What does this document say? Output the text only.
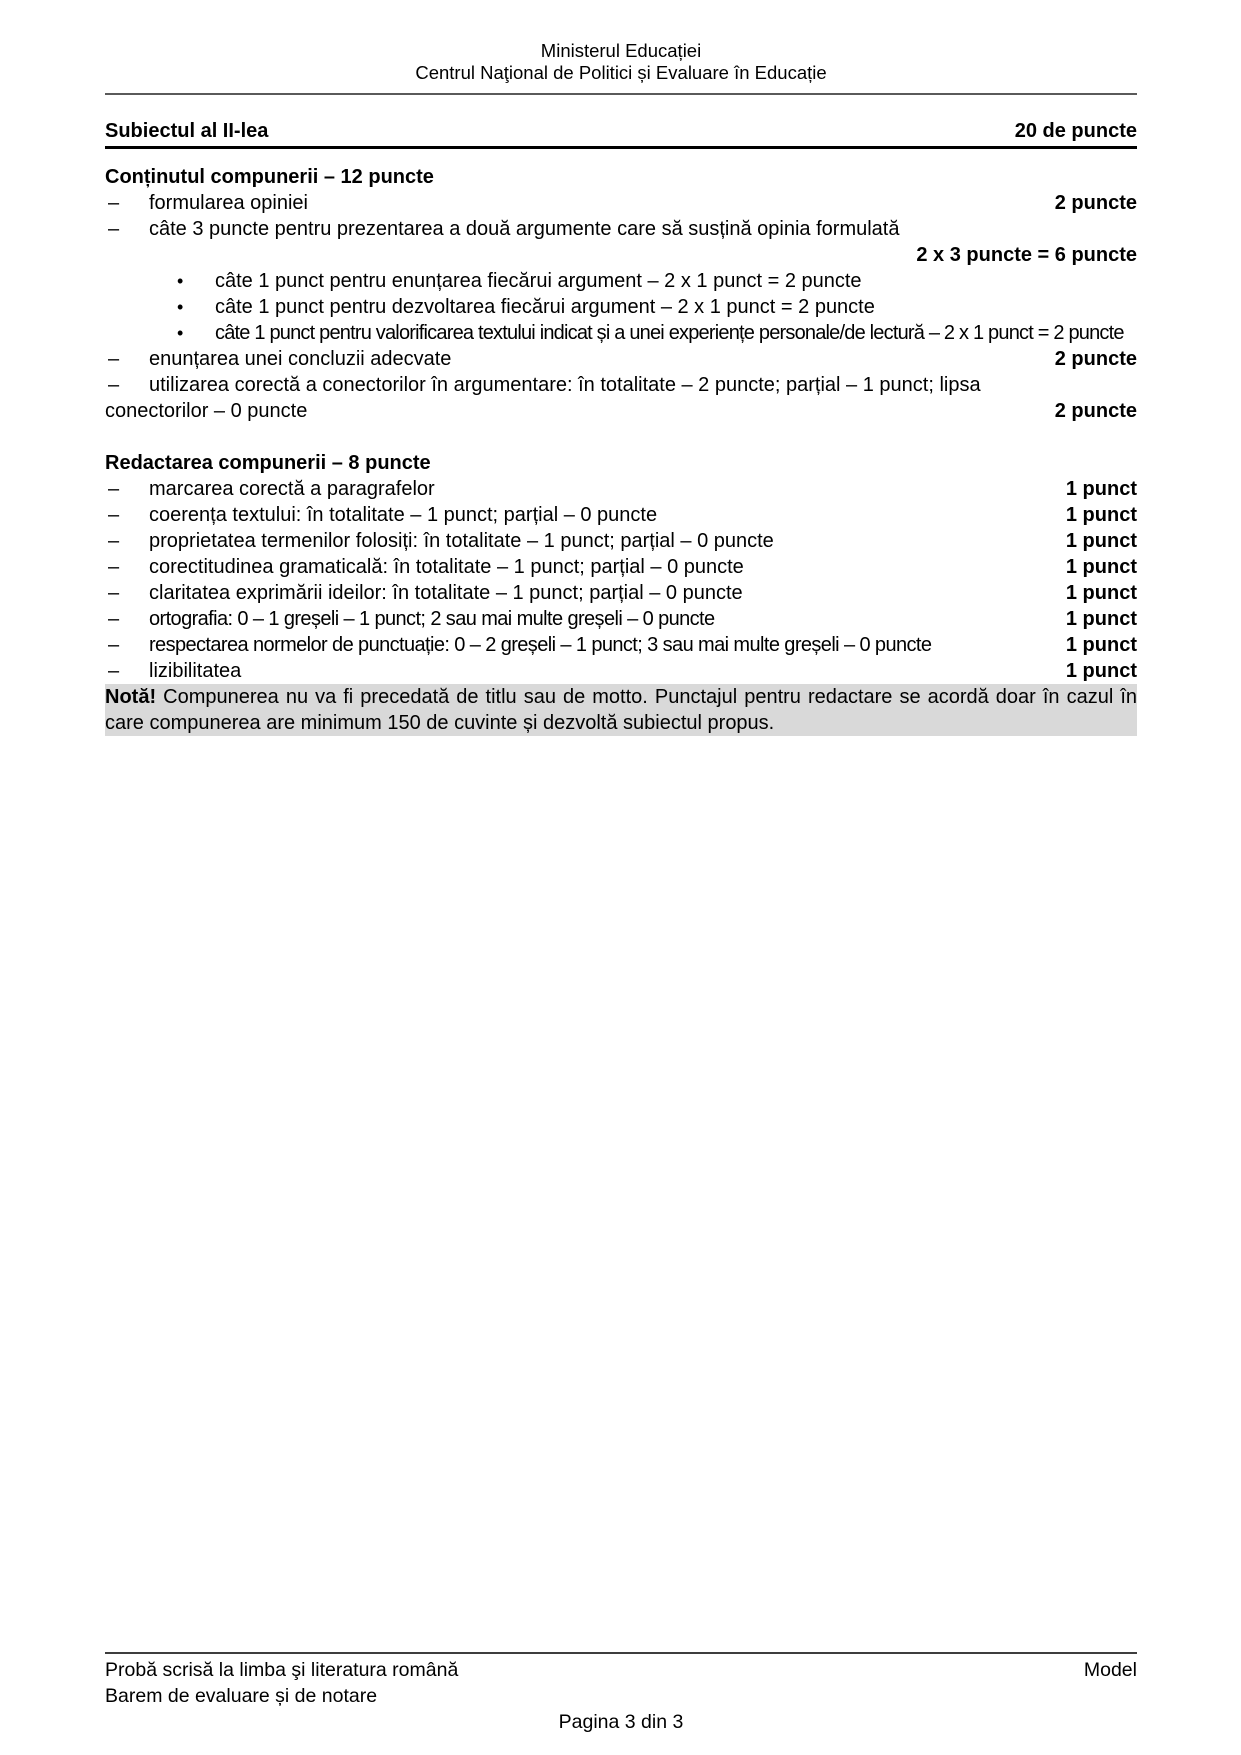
Ministerul Educației
Centrul Naţional de Politici și Evaluare în Educație
Subiectul al II-lea	20 de puncte
Conținutul compunerii – 12 puncte
– formularea opiniei	2 puncte
– câte 3 puncte pentru prezentarea a două argumente care să susțină opinia formulată
2 x 3 puncte = 6 puncte
• câte 1 punct pentru enunțarea fiecărui argument – 2 x 1 punct = 2 puncte
• câte 1 punct pentru dezvoltarea fiecărui argument – 2 x 1 punct = 2 puncte
• câte 1 punct pentru valorificarea textului indicat și a unei experiențe personale/de lectură – 2 x 1 punct = 2 puncte
– enunțarea unei concluzii adecvate	2 puncte
– utilizarea corectă a conectorilor în argumentare: în totalitate – 2 puncte; parțial – 1 punct; lipsa
conectorilor – 0 puncte	2 puncte
Redactarea compunerii – 8 puncte
– marcarea corectă a paragrafelor	1 punct
– coerența textului: în totalitate – 1 punct; parțial – 0 puncte	1 punct
– proprietatea termenilor folosiți: în totalitate – 1 punct; parțial – 0 puncte	1 punct
– corectitudinea gramaticală: în totalitate – 1 punct; parțial – 0 puncte	1 punct
– claritatea exprimării ideilor: în totalitate – 1 punct; parțial – 0 puncte	1 punct
– ortografia: 0 – 1 greșeli – 1 punct; 2 sau mai multe greșeli – 0 puncte	1 punct
– respectarea normelor de punctuație: 0 – 2 greșeli – 1 punct; 3 sau mai multe greșeli – 0 puncte	1 punct
– lizibilitatea	1 punct
Notă! Compunerea nu va fi precedată de titlu sau de motto. Punctajul pentru redactare se acordă doar în cazul în care compunerea are minimum 150 de cuvinte și dezvoltă subiectul propus.
Probă scrisă la limba şi literatura română
Barem de evaluare și de notare
Model
Pagina 3 din 3
